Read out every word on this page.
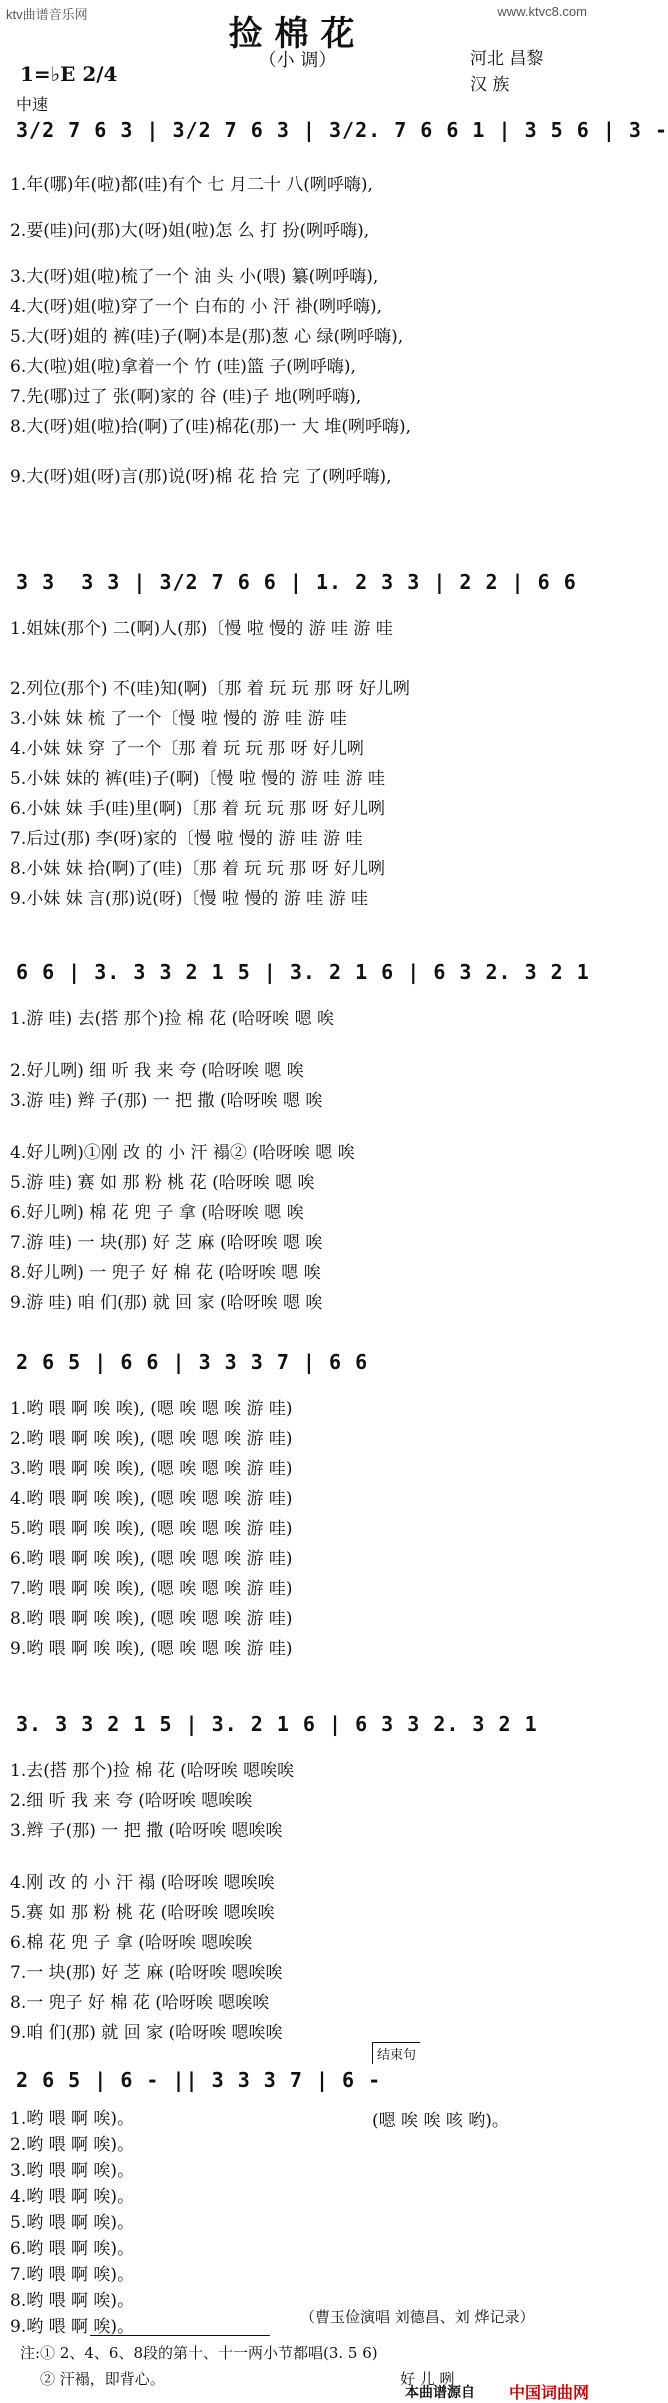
ktv曲谱音乐网	www.ktvc8.com
捡棉花
（小 调）	河北 昌黎
汉 族
1=♭E 2/4
中速
3/2 7 6 3 | 3/2 7 6 3 | 3/2. 7 6 6 1 | 3 5 6 | 3 -
1.年(哪)年(啦)都(哇)有个 七 月二十 八(咧呼嗨),
2.要(哇)问(那)大(呀)姐(啦)怎 么 打 扮(咧呼嗨),
3.大(呀)姐(啦)梳了一个 油 头 小(喂) 纂(咧呼嗨),
4.大(呀)姐(啦)穿了一个 白布的 小 汗 褂(咧呼嗨),
5.大(呀)姐的 裤(哇)子(啊)本是(那)葱 心 绿(咧呼嗨),
6.大(啦)姐(啦)拿着一个 竹 (哇)篮 子(咧呼嗨),
7.先(哪)过了 张(啊)家的 谷 (哇)子 地(咧呼嗨),
8.大(呀)姐(啦)拾(啊)了(哇)棉花(那)一 大 堆(咧呼嗨),
9.大(呀)姐(呀)言(那)说(呀)棉 花 拾 完 了(咧呼嗨),
3 3  3 3 | 3/2 7 6 6 | 1. 2 3 3 | 2 2 | 6 6
1.姐妹(那个) 二(啊)人(那)〔慢 啦 慢的 游 哇 游 哇
2.列位(那个) 不(哇)知(啊)〔那 着 玩 玩 那 呀 好儿咧
3.小妹 妹 梳 了一个〔慢 啦 慢的 游 哇 游 哇
4.小妹 妹 穿 了一个〔那 着 玩 玩 那 呀 好儿咧
5.小妹 妹的 裤(哇)子(啊)〔慢 啦 慢的 游 哇 游 哇
6.小妹 妹 手(哇)里(啊)〔那 着 玩 玩 那 呀 好儿咧
7.后过(那) 李(呀)家的〔慢 啦 慢的 游 哇 游 哇
8.小妹 妹 拾(啊)了(哇)〔那 着 玩 玩 那 呀 好儿咧
9.小妹 妹 言(那)说(呀)〔慢 啦 慢的 游 哇 游 哇
6 6 | 3. 3 3 2 1 5 | 3. 2 1 6 | 6 3 2. 3 2 1
1.游 哇) 去(搭 那个)捡 棉 花 (哈呀唉 嗯 唉
2.好儿咧) 细 听 我 来 夸 (哈呀唉 嗯 唉
3.游 哇) 辫 子(那) 一 把 撒 (哈呀唉 嗯 唉
4.好儿咧)①刚 改 的 小 汗 褟② (哈呀唉 嗯 唉
5.游 哇) 赛 如 那 粉 桃 花 (哈呀唉 嗯 唉
6.好儿咧) 棉 花 兜 子 拿 (哈呀唉 嗯 唉
7.游 哇) 一 块(那) 好 芝 麻 (哈呀唉 嗯 唉
8.好儿咧) 一 兜子 好 棉 花 (哈呀唉 嗯 唉
9.游 哇) 咱 们(那) 就 回 家 (哈呀唉 嗯 唉
2 6 5 | 6 6 | 3 3 3 7 | 6 6
1.哟 喂 啊 唉 唉), (嗯 唉 嗯 唉 游 哇)
2.哟 喂 啊 唉 唉), (嗯 唉 嗯 唉 游 哇)
3.哟 喂 啊 唉 唉), (嗯 唉 嗯 唉 游 哇)
4.哟 喂 啊 唉 唉), (嗯 唉 嗯 唉 游 哇)
5.哟 喂 啊 唉 唉), (嗯 唉 嗯 唉 游 哇)
6.哟 喂 啊 唉 唉), (嗯 唉 嗯 唉 游 哇)
7.哟 喂 啊 唉 唉), (嗯 唉 嗯 唉 游 哇)
8.哟 喂 啊 唉 唉), (嗯 唉 嗯 唉 游 哇)
9.哟 喂 啊 唉 唉), (嗯 唉 嗯 唉 游 哇)
3. 3 3 2 1 5 | 3. 2 1 6 | 6 3 3 2. 3 2 1
1.去(搭 那个)捡 棉 花 (哈呀唉 嗯唉唉
2.细 听 我 来 夸 (哈呀唉 嗯唉唉
3.辫 子(那) 一 把 撒 (哈呀唉 嗯唉唉
4.刚 改 的 小 汗 褟 (哈呀唉 嗯唉唉
5.赛 如 那 粉 桃 花 (哈呀唉 嗯唉唉
6.棉 花 兜 子 拿 (哈呀唉 嗯唉唉
7.一 块(那) 好 芝 麻 (哈呀唉 嗯唉唉
8.一 兜子 好 棉 花 (哈呀唉 嗯唉唉
9.咱 们(那) 就 回 家 (哈呀唉 嗯唉唉
结束句
2 6 5 | 6 - || 3 3 3 7 | 6 -
1.哟 喂 啊 唉)。
2.哟 喂 啊 唉)。
3.哟 喂 啊 唉)。
4.哟 喂 啊 唉)。
5.哟 喂 啊 唉)。
6.哟 喂 啊 唉)。
7.哟 喂 啊 唉)。
8.哟 喂 啊 唉)。
9.哟 喂 啊 唉)。
(嗯 唉 唉 咳 哟)。
（曹玉俭演唱 刘德昌、刘 烨记录）
注:① 2、4、6、8段的第十、十一两小节都唱(3. 5 6)
好 儿 咧
② 汗褟，即背心。
本曲谱源自 中国词曲网
